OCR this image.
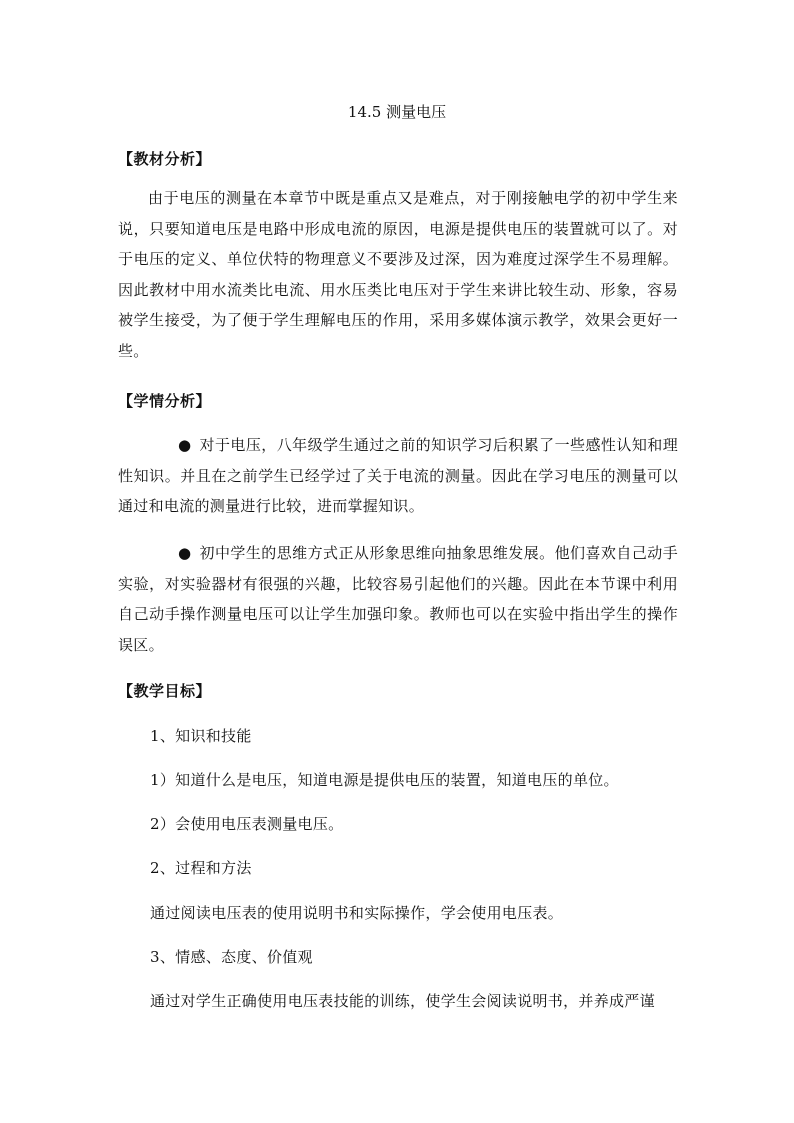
14.5 测量电压
【教材分析】

由于电压的测量在本章节中既是重点又是难点，对于刚接触电学的初中学生来说，只要知道电压是电路中形成电流的原因，电源是提供电压的装置就可以了。对于电压的定义、单位伏特的物理意义不要涉及过深，因为难度过深学生不易理解。因此教材中用水流类比电流、用水压类比电压对于学生来讲比较生动、形象，容易被学生接受，为了便于学生理解电压的作用，采用多媒体演示教学，效果会更好一些。

【学情分析】

● 对于电压，八年级学生通过之前的知识学习后积累了一些感性认知和理性知识。并且在之前学生已经学过了关于电流的测量。因此在学习电压的测量可以通过和电流的测量进行比较，进而掌握知识。

● 初中学生的思维方式正从形象思维向抽象思维发展。他们喜欢自己动手实验，对实验器材有很强的兴趣，比较容易引起他们的兴趣。因此在本节课中利用自己动手操作测量电压可以让学生加强印象。教师也可以在实验中指出学生的操作误区。

【教学目标】
1、知识和技能
1）知道什么是电压，知道电源是提供电压的装置，知道电压的单位。
2）会使用电压表测量电压。
2、过程和方法
通过阅读电压表的使用说明书和实际操作，学会使用电压表。
3、情感、态度、价值观
通过对学生正确使用电压表技能的训练，使学生会阅读说明书，并养成严谨
